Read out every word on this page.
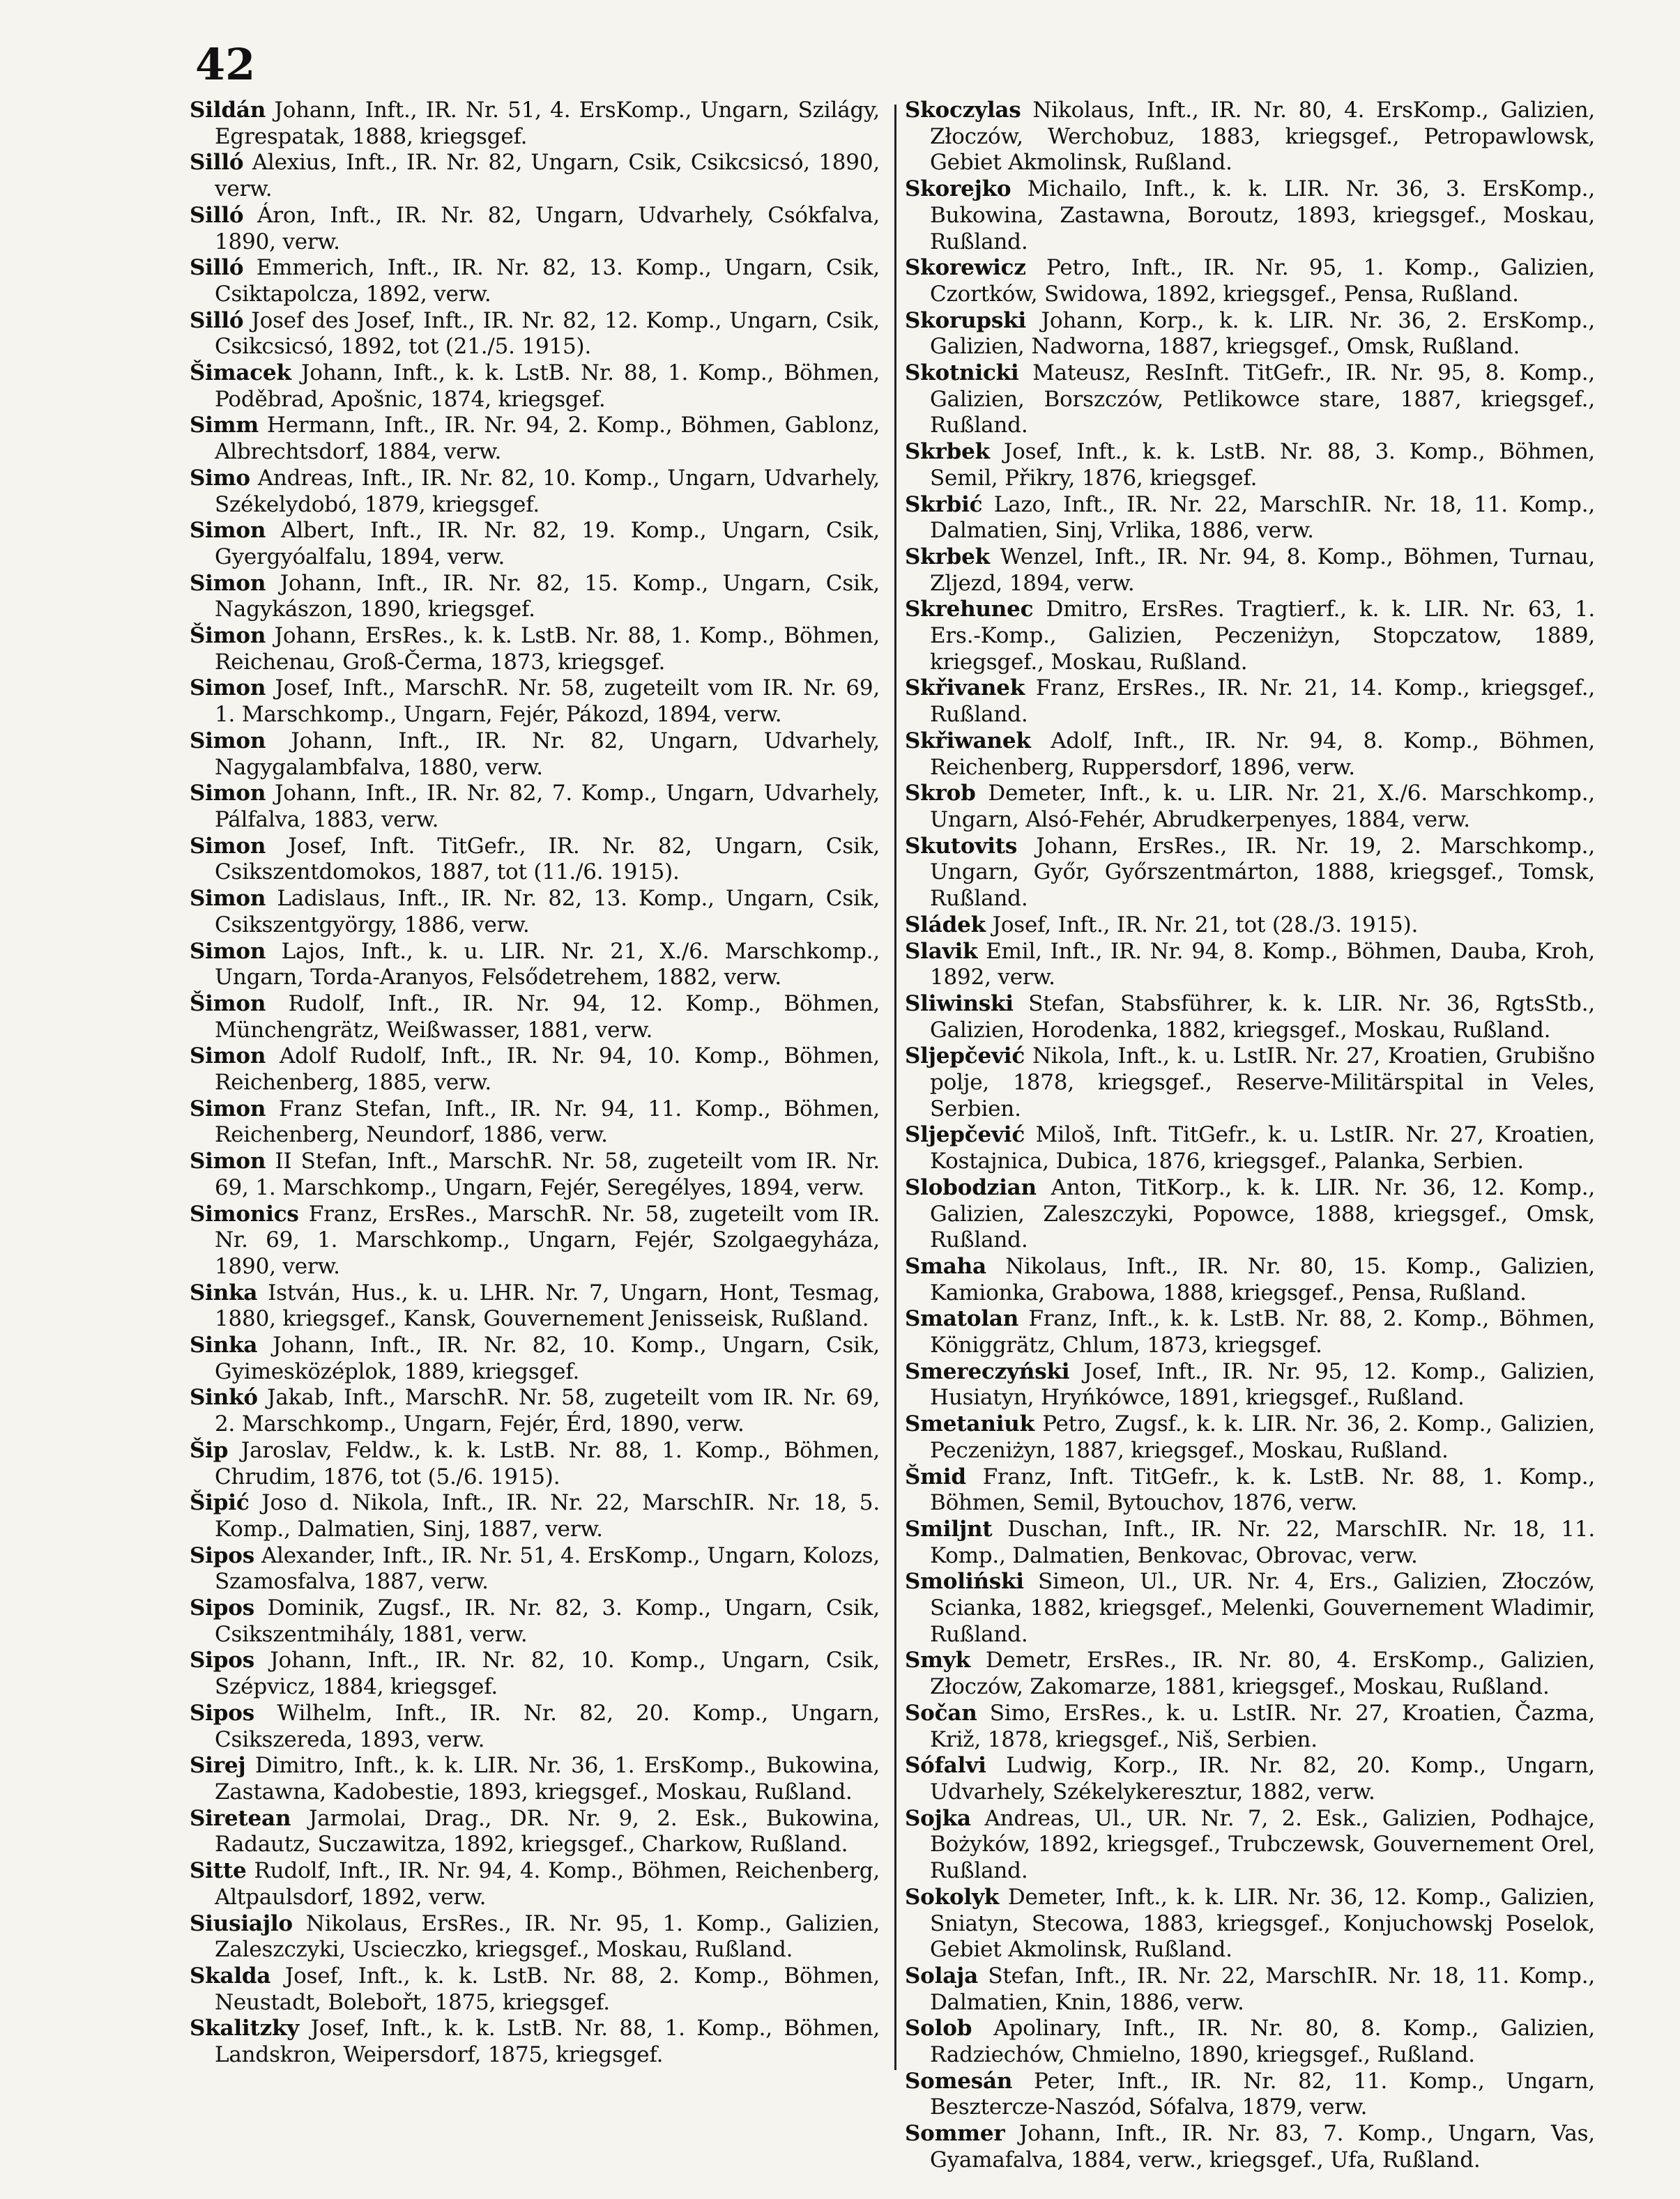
42
Sildán Johann, Inft., IR. Nr. 51, 4. ErsKomp., Ungarn, Szilágy, Egrespatak, 1888, kriegsgef.
Silló Alexius, Inft., IR. Nr. 82, Ungarn, Csik, Csikcsicsó, 1890, verw.
Silló Áron, Inft., IR. Nr. 82, Ungarn, Udvarhely, Csókfalva, 1890, verw.
Silló Emmerich, Inft., IR. Nr. 82, 13. Komp., Ungarn, Csik, Csiktapolcza, 1892, verw.
Silló Josef des Josef, Inft., IR. Nr. 82, 12. Komp., Ungarn, Csik, Csikcsicsó, 1892, tot (21./5. 1915).
Šimacek Johann, Inft., k. k. LstB. Nr. 88, 1. Komp., Böhmen, Poděbrad, Apošnic, 1874, kriegsgef.
Simm Hermann, Inft., IR. Nr. 94, 2. Komp., Böhmen, Gablonz, Albrechtsdorf, 1884, verw.
Simo Andreas, Inft., IR. Nr. 82, 10. Komp., Ungarn, Udvarhely, Székelydobó, 1879, kriegsgef.
Simon Albert, Inft., IR. Nr. 82, 19. Komp., Ungarn, Csik, Gyergyóalfalu, 1894, verw.
Simon Johann, Inft., IR. Nr. 82, 15. Komp., Ungarn, Csik, Nagykászon, 1890, kriegsgef.
Šimon Johann, ErsRes., k. k. LstB. Nr. 88, 1. Komp., Böhmen, Reichenau, Groß-Čerma, 1873, kriegsgef.
Simon Josef, Inft., MarschR. Nr. 58, zugeteilt vom IR. Nr. 69, 1. Marschkomp., Ungarn, Fejér, Pákozd, 1894, verw.
Simon Johann, Inft., IR. Nr. 82, Ungarn, Udvarhely, Nagygalambfalva, 1880, verw.
Simon Johann, Inft., IR. Nr. 82, 7. Komp., Ungarn, Udvarhely, Pálfalva, 1883, verw.
Simon Josef, Inft. TitGefr., IR. Nr. 82, Ungarn, Csik, Csikszentdomokos, 1887, tot (11./6. 1915).
Simon Ladislaus, Inft., IR. Nr. 82, 13. Komp., Ungarn, Csik, Csikszentgyörgy, 1886, verw.
Simon Lajos, Inft., k. u. LIR. Nr. 21, X./6. Marschkomp., Ungarn, Torda-Aranyos, Felsődetrehem, 1882, verw.
Šimon Rudolf, Inft., IR. Nr. 94, 12. Komp., Böhmen, Münchengrätz, Weißwasser, 1881, verw.
Simon Adolf Rudolf, Inft., IR. Nr. 94, 10. Komp., Böhmen, Reichenberg, 1885, verw.
Simon Franz Stefan, Inft., IR. Nr. 94, 11. Komp., Böhmen, Reichenberg, Neundorf, 1886, verw.
Simon II Stefan, Inft., MarschR. Nr. 58, zugeteilt vom IR. Nr. 69, 1. Marschkomp., Ungarn, Fejér, Seregélyes, 1894, verw.
Simonics Franz, ErsRes., MarschR. Nr. 58, zugeteilt vom IR. Nr. 69, 1. Marschkomp., Ungarn, Fejér, Szolgaegyháza, 1890, verw.
Sinka István, Hus., k. u. LHR. Nr. 7, Ungarn, Hont, Tesmag, 1880, kriegsgef., Kansk, Gouvernement Jenisseisk, Rußland.
Sinka Johann, Inft., IR. Nr. 82, 10. Komp., Ungarn, Csik, Gyimesközéplok, 1889, kriegsgef.
Sinkó Jakab, Inft., MarschR. Nr. 58, zugeteilt vom IR. Nr. 69, 2. Marschkomp., Ungarn, Fejér, Érd, 1890, verw.
Šip Jaroslav, Feldw., k. k. LstB. Nr. 88, 1. Komp., Böhmen, Chrudim, 1876, tot (5./6. 1915).
Šipić Joso d. Nikola, Inft., IR. Nr. 22, MarschIR. Nr. 18, 5. Komp., Dalmatien, Sinj, 1887, verw.
Sipos Alexander, Inft., IR. Nr. 51, 4. ErsKomp., Ungarn, Kolozs, Szamosfalva, 1887, verw.
Sipos Dominik, Zugsf., IR. Nr. 82, 3. Komp., Ungarn, Csik, Csikszentmihály, 1881, verw.
Sipos Johann, Inft., IR. Nr. 82, 10. Komp., Ungarn, Csik, Szépvicz, 1884, kriegsgef.
Sipos Wilhelm, Inft., IR. Nr. 82, 20. Komp., Ungarn, Csikszereda, 1893, verw.
Sirej Dimitro, Inft., k. k. LIR. Nr. 36, 1. ErsKomp., Bukowina, Zastawna, Kadobestie, 1893, kriegsgef., Moskau, Rußland.
Siretean Jarmolai, Drag., DR. Nr. 9, 2. Esk., Bukowina, Radautz, Suczawitza, 1892, kriegsgef., Charkow, Rußland.
Sitte Rudolf, Inft., IR. Nr. 94, 4. Komp., Böhmen, Reichenberg, Altpaulsdorf, 1892, verw.
Siusiajlo Nikolaus, ErsRes., IR. Nr. 95, 1. Komp., Galizien, Zaleszczyki, Uscieczko, kriegsgef., Moskau, Rußland.
Skalda Josef, Inft., k. k. LstB. Nr. 88, 2. Komp., Böhmen, Neustadt, Bolebořt, 1875, kriegsgef.
Skalitzky Josef, Inft., k. k. LstB. Nr. 88, 1. Komp., Böhmen, Landskron, Weipersdorf, 1875, kriegsgef.
Skoczylas Nikolaus, Inft., IR. Nr. 80, 4. ErsKomp., Galizien, Złoczów, Werchobuz, 1883, kriegsgef., Petropawlowsk, Gebiet Akmolinsk, Rußland.
Skorejko Michailo, Inft., k. k. LIR. Nr. 36, 3. ErsKomp., Bukowina, Zastawna, Boroutz, 1893, kriegsgef., Moskau, Rußland.
Skorewicz Petro, Inft., IR. Nr. 95, 1. Komp., Galizien, Czortków, Swidowa, 1892, kriegsgef., Pensa, Rußland.
Skorupski Johann, Korp., k. k. LIR. Nr. 36, 2. ErsKomp., Galizien, Nadworna, 1887, kriegsgef., Omsk, Rußland.
Skotnicki Mateusz, ResInft. TitGefr., IR. Nr. 95, 8. Komp., Galizien, Borszczów, Petlikowce stare, 1887, kriegsgef., Rußland.
Skrbek Josef, Inft., k. k. LstB. Nr. 88, 3. Komp., Böhmen, Semil, Přikry, 1876, kriegsgef.
Skrbić Lazo, Inft., IR. Nr. 22, MarschIR. Nr. 18, 11. Komp., Dalmatien, Sinj, Vrlika, 1886, verw.
Skrbek Wenzel, Inft., IR. Nr. 94, 8. Komp., Böhmen, Turnau, Zljezd, 1894, verw.
Skrehunec Dmitro, ErsRes. Tragtierf., k. k. LIR. Nr. 63, 1. Ers.-Komp., Galizien, Peczeniżyn, Stopczatow, 1889, kriegsgef., Moskau, Rußland.
Skřivanek Franz, ErsRes., IR. Nr. 21, 14. Komp., kriegsgef., Rußland.
Skřiwanek Adolf, Inft., IR. Nr. 94, 8. Komp., Böhmen, Reichenberg, Ruppersdorf, 1896, verw.
Skrob Demeter, Inft., k. u. LIR. Nr. 21, X./6. Marschkomp., Ungarn, Alsó-Fehér, Abrudkerpenyes, 1884, verw.
Skutovits Johann, ErsRes., IR. Nr. 19, 2. Marschkomp., Ungarn, Győr, Győrszentmárton, 1888, kriegsgef., Tomsk, Rußland.
Sládek Josef, Inft., IR. Nr. 21, tot (28./3. 1915).
Slavik Emil, Inft., IR. Nr. 94, 8. Komp., Böhmen, Dauba, Kroh, 1892, verw.
Sliwinski Stefan, Stabsführer, k. k. LIR. Nr. 36, RgtsStb., Galizien, Horodenka, 1882, kriegsgef., Moskau, Rußland.
Sljepčević Nikola, Inft., k. u. LstIR. Nr. 27, Kroatien, Grubišno polje, 1878, kriegsgef., Reserve-Militärspital in Veles, Serbien.
Sljepčević Miloš, Inft. TitGefr., k. u. LstIR. Nr. 27, Kroatien, Kostajnica, Dubica, 1876, kriegsgef., Palanka, Serbien.
Slobodzian Anton, TitKorp., k. k. LIR. Nr. 36, 12. Komp., Galizien, Zaleszczyki, Popowce, 1888, kriegsgef., Omsk, Rußland.
Smaha Nikolaus, Inft., IR. Nr. 80, 15. Komp., Galizien, Kamionka, Grabowa, 1888, kriegsgef., Pensa, Rußland.
Smatolan Franz, Inft., k. k. LstB. Nr. 88, 2. Komp., Böhmen, Königgrätz, Chlum, 1873, kriegsgef.
Smereczyński Josef, Inft., IR. Nr. 95, 12. Komp., Galizien, Husiatyn, Hryńkówce, 1891, kriegsgef., Rußland.
Smetaniuk Petro, Zugsf., k. k. LIR. Nr. 36, 2. Komp., Galizien, Peczeniżyn, 1887, kriegsgef., Moskau, Rußland.
Šmid Franz, Inft. TitGefr., k. k. LstB. Nr. 88, 1. Komp., Böhmen, Semil, Bytouchov, 1876, verw.
Smiljnt Duschan, Inft., IR. Nr. 22, MarschIR. Nr. 18, 11. Komp., Dalmatien, Benkovac, Obrovac, verw.
Smoliński Simeon, Ul., UR. Nr. 4, Ers., Galizien, Złoczów, Scianka, 1882, kriegsgef., Melenki, Gouvernement Wladimir, Rußland.
Smyk Demetr, ErsRes., IR. Nr. 80, 4. ErsKomp., Galizien, Złoczów, Zakomarze, 1881, kriegsgef., Moskau, Rußland.
Sočan Simo, ErsRes., k. u. LstIR. Nr. 27, Kroatien, Čazma, Križ, 1878, kriegsgef., Niš, Serbien.
Sófalvi Ludwig, Korp., IR. Nr. 82, 20. Komp., Ungarn, Udvarhely, Székelykeresztur, 1882, verw.
Sojka Andreas, Ul., UR. Nr. 7, 2. Esk., Galizien, Podhajce, Bożyków, 1892, kriegsgef., Trubczewsk, Gouvernement Orel, Rußland.
Sokolyk Demeter, Inft., k. k. LIR. Nr. 36, 12. Komp., Galizien, Sniatyn, Stecowa, 1883, kriegsgef., Konjuchowskj Poselok, Gebiet Akmolinsk, Rußland.
Solaja Stefan, Inft., IR. Nr. 22, MarschIR. Nr. 18, 11. Komp., Dalmatien, Knin, 1886, verw.
Solob Apolinary, Inft., IR. Nr. 80, 8. Komp., Galizien, Radziechów, Chmielno, 1890, kriegsgef., Rußland.
Somesán Peter, Inft., IR. Nr. 82, 11. Komp., Ungarn, Besztercze-Naszód, Sófalva, 1879, verw.
Sommer Johann, Inft., IR. Nr. 83, 7. Komp., Ungarn, Vas, Gyamafalva, 1884, verw., kriegsgef., Ufa, Rußland.
